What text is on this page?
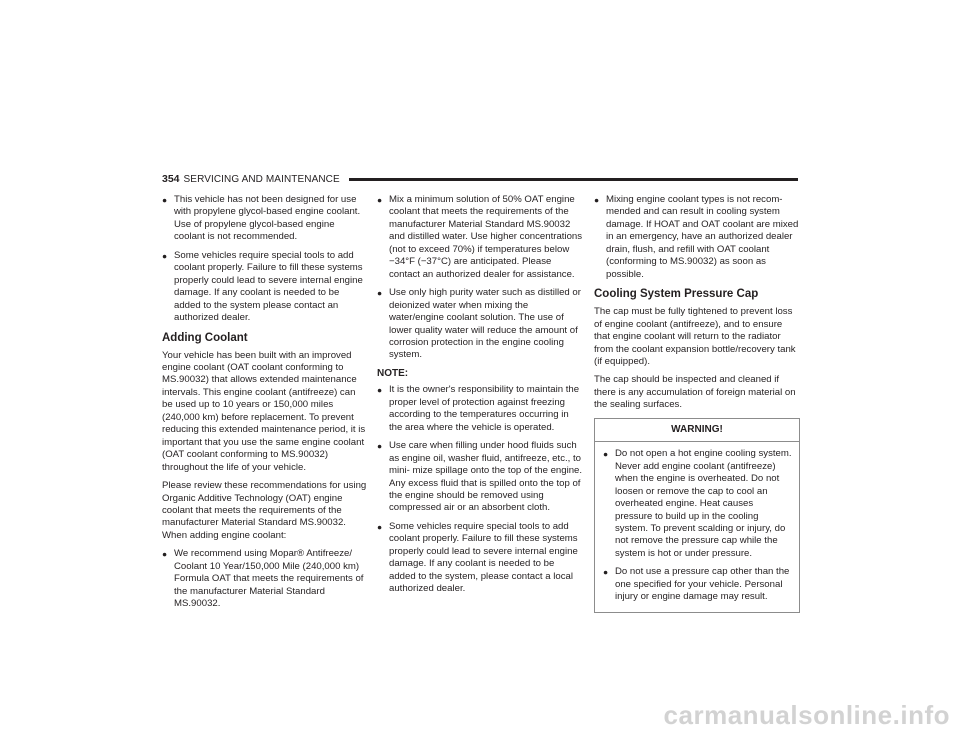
354 SERVICING AND MAINTENANCE
● This vehicle has not been designed for use with propylene glycol-based engine coolant. Use of propylene glycol-based engine coolant is not recommended.
● Some vehicles require special tools to add coolant properly. Failure to fill these systems properly could lead to severe internal engine damage. If any coolant is needed to be added to the system please contact an authorized dealer.
Adding Coolant

Your vehicle has been built with an improved engine coolant (OAT coolant conforming to MS.90032) that allows extended maintenance intervals. This engine coolant (antifreeze) can be used up to 10 years or 150,000 miles (240,000 km) before replacement. To prevent reducing this extended maintenance period, it is important that you use the same engine coolant (OAT coolant conforming to MS.90032) throughout the life of your vehicle.

Please review these recommendations for using Organic Additive Technology (OAT) engine coolant that meets the requirements of the manufacturer Material Standard MS.90032. When adding engine coolant:

● We recommend using Mopar® Antifreeze/ Coolant 10 Year/150,000 Mile (240,000 km) Formula OAT that meets the requirements of the manufacturer Material Standard MS.90032.
● Mix a minimum solution of 50% OAT engine coolant that meets the requirements of the manufacturer Material Standard MS.90032 and distilled water. Use higher concentrations (not to exceed 70%) if temperatures below −34°F (−37°C) are anticipated. Please contact an authorized dealer for assistance.
● Use only high purity water such as distilled or deionized water when mixing the water/engine coolant solution. The use of lower quality water will reduce the amount of corrosion protection in the engine cooling system.
NOTE:
● It is the owner's responsibility to maintain the proper level of protection against freezing according to the temperatures occurring in the area where the vehicle is operated.
● Use care when filling under hood fluids such as engine oil, washer fluid, antifreeze, etc., to mini- mize spillage onto the top of the engine. Any excess fluid that is spilled onto the top of the engine should be removed using compressed air or an absorbent cloth.
● Some vehicles require special tools to add coolant properly. Failure to fill these systems properly could lead to severe internal engine damage. If any coolant is needed to be added to the system, please contact a local authorized dealer.
● Mixing engine coolant types is not recom- mended and can result in cooling system damage. If HOAT and OAT coolant are mixed in an emergency, have an authorized dealer drain, flush, and refill with OAT coolant (conforming to MS.90032) as soon as possible.
Cooling System Pressure Cap

The cap must be fully tightened to prevent loss of engine coolant (antifreeze), and to ensure that engine coolant will return to the radiator from the coolant expansion bottle/recovery tank (if equipped).

The cap should be inspected and cleaned if there is any accumulation of foreign material on the sealing surfaces.

WARNING!
● Do not open a hot engine cooling system. Never add engine coolant (antifreeze) when the engine is overheated. Do not loosen or remove the cap to cool an overheated engine. Heat causes pressure to build up in the cooling system. To prevent scalding or injury, do not remove the pressure cap while the system is hot or under pressure.
● Do not use a pressure cap other than the one specified for your vehicle. Personal injury or engine damage may result.
carmanualsonline.info
